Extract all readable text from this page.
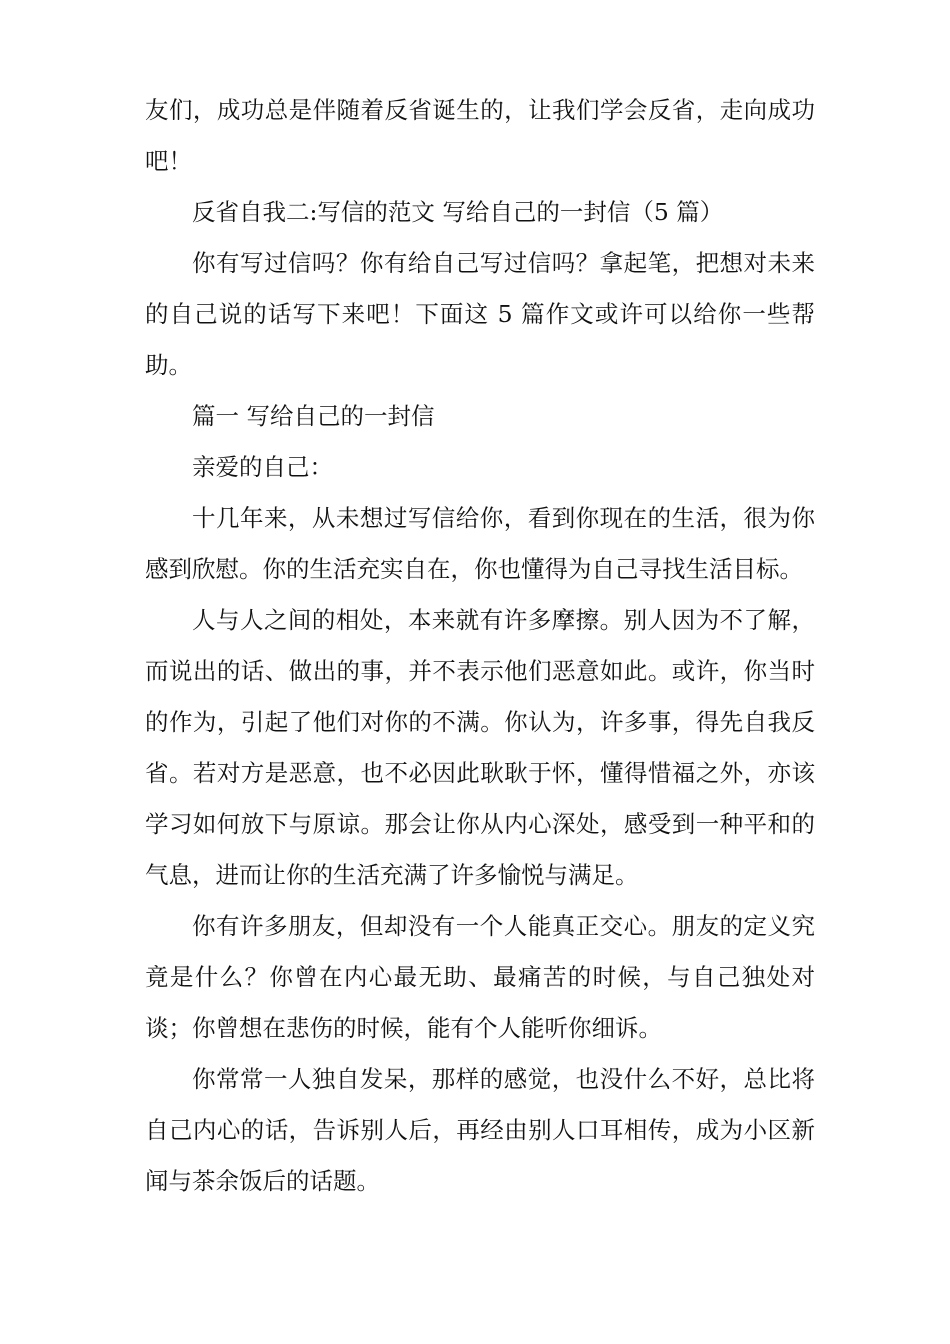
友们，成功总是伴随着反省诞生的，让我们学会反省，走向成功吧！

反省自我二:写信的范文 写给自己的一封信（5 篇）

你有写过信吗？你有给自己写过信吗？拿起笔，把想对未来的自己说的话写下来吧！下面这 5 篇作文或许可以给你一些帮助。

篇一 写给自己的一封信

亲爱的自己：

十几年来，从未想过写信给你，看到你现在的生活，很为你感到欣慰。你的生活充实自在，你也懂得为自己寻找生活目标。

人与人之间的相处，本来就有许多摩擦。别人因为不了解，而说出的话、做出的事，并不表示他们恶意如此。或许，你当时的作为，引起了他们对你的不满。你认为，许多事，得先自我反省。若对方是恶意，也不必因此耿耿于怀，懂得惜福之外，亦该学习如何放下与原谅。那会让你从内心深处，感受到一种平和的气息，进而让你的生活充满了许多愉悦与满足。

你有许多朋友，但却没有一个人能真正交心。朋友的定义究竟是什么？你曾在内心最无助、最痛苦的时候，与自己独处对谈；你曾想在悲伤的时候，能有个人能听你细诉。

你常常一人独自发呆，那样的感觉，也没什么不好，总比将自己内心的话，告诉别人后，再经由别人口耳相传，成为小区新闻与茶余饭后的话题。
